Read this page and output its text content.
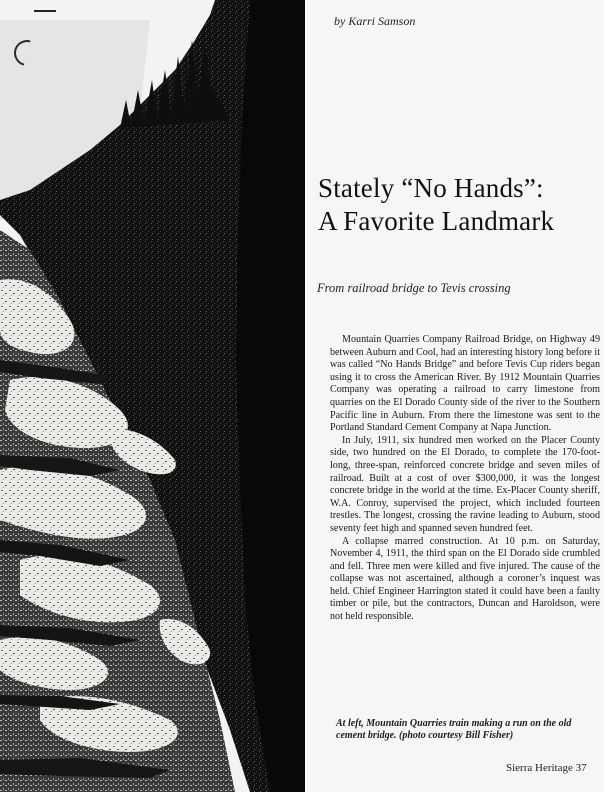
by Karri Samson
Stately “No Hands”:
A Favorite Landmark
From railroad bridge to Tevis crossing

Mountain Quarries Company Railroad Bridge, on Highway 49 between Auburn and Cool, had an interesting history long before it was called “No Hands Bridge” and before Tevis Cup riders began using it to cross the American River. By 1912 Mountain Quarries Company was operating a railroad to carry limestone from quarries on the El Dorado County side of the river to the Southern Pacific line in Auburn. From there the limestone was sent to the Portland Standard Cement Company at Napa Junction.

In July, 1911, six hundred men worked on the Placer County side, two hundred on the El Dorado, to complete the 170-foot-long, three-span, reinforced concrete bridge and seven miles of railroad. Built at a cost of over $300,000, it was the longest concrete bridge in the world at the time. Ex-Placer County sheriff, W.A. Conroy, supervised the project, which included fourteen trestles. The longest, crossing the ravine leading to Auburn, stood seventy feet high and spanned seven hundred feet.

A collapse marred construction. At 10 p.m. on Saturday, November 4, 1911, the third span on the El Dorado side crumbled and fell. Three men were killed and five injured. The cause of the collapse was not ascertained, although a coroner’s inquest was held. Chief Engineer Harrington stated it could have been a faulty timber or pile, but the contractors, Duncan and Haroldson, were not held responsible.

At left, Mountain Quarries train making a run on the old cement bridge. (photo courtesy Bill Fisher)
Sierra Heritage 37
